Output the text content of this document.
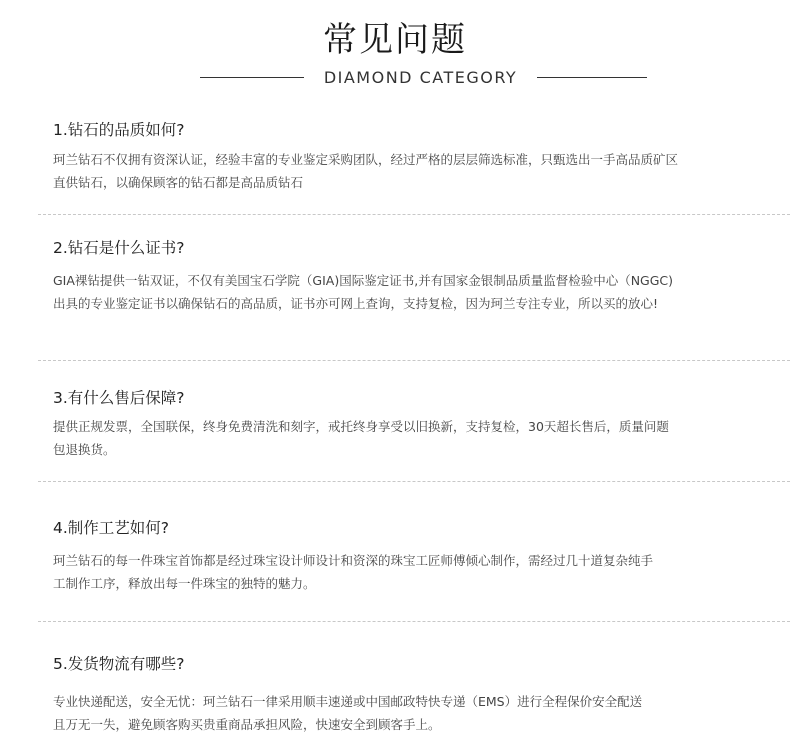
常见问题
DIAMOND CATEGORY
1.钻石的品质如何?
珂兰钻石不仅拥有资深认证，经验丰富的专业鉴定采购团队，经过严格的层层筛选标准，只甄选出一手高品质矿区
直供钻石，以确保顾客的钻石都是高品质钻石
2.钻石是什么证书?
GIA裸钻提供一钻双证，不仅有美国宝石学院（GIA)国际鉴定证书,并有国家金银制品质量监督检验中心（NGGC)
出具的专业鉴定证书以确保钻石的高品质，证书亦可网上查询，支持复检，因为珂兰专注专业，所以买的放心!
3.有什么售后保障?
提供正规发票，全国联保，终身免费清洗和刻字，戒托终身享受以旧换新，支持复检，30天超长售后，质量问题
包退换货。
4.制作工艺如何?
珂兰钻石的每一件珠宝首饰都是经过珠宝设计师设计和资深的珠宝工匠师傅倾心制作，需经过几十道复杂纯手
工制作工序，释放出每一件珠宝的独特的魅力。
5.发货物流有哪些?
专业快递配送，安全无忧：珂兰钻石一律采用顺丰速递或中国邮政特快专递（EMS）进行全程保价安全配送
且万无一失，避免顾客购买贵重商品承担风险，快速安全到顾客手上。
